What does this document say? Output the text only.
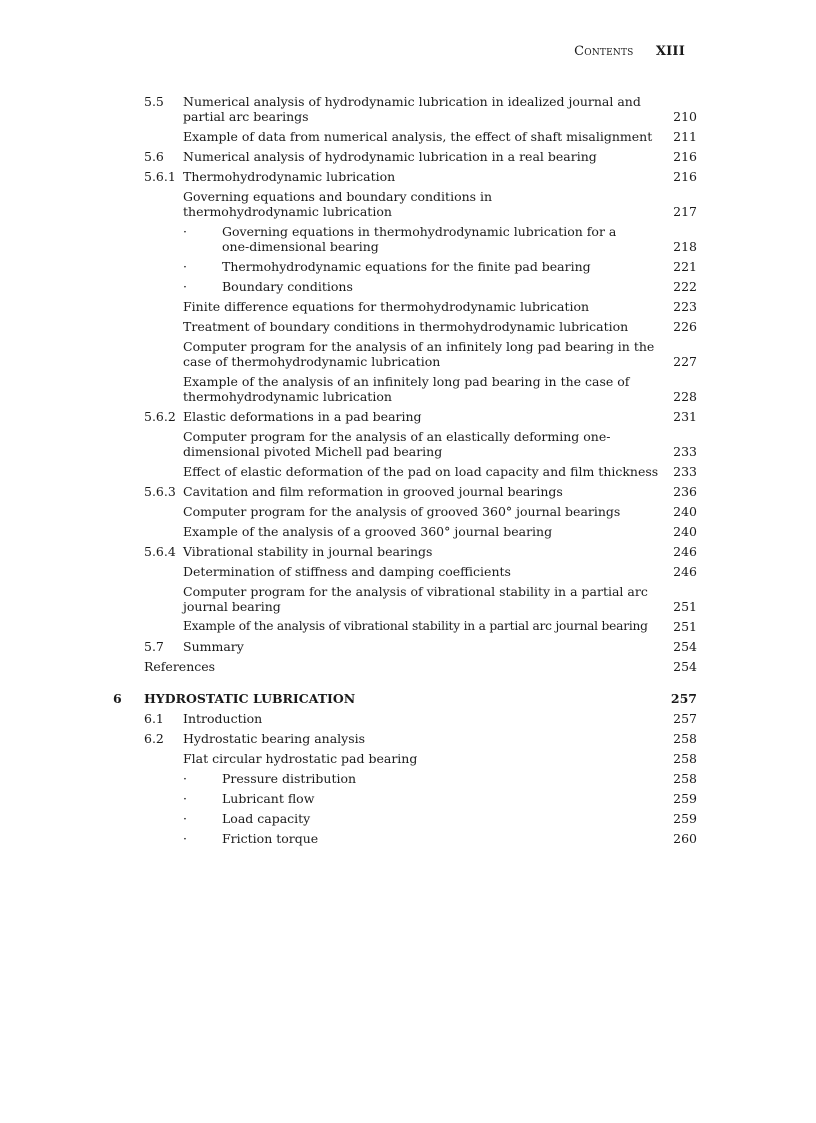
Contents XIII
5.5 Numerical analysis of hydrodynamic lubrication in idealized journal and partial arc bearings	210
Example of data from numerical analysis, the effect of shaft misalignment	211
5.6 Numerical analysis of hydrodynamic lubrication in a real bearing	216
5.6.1 Thermohydrodynamic lubrication	216
Governing equations and boundary conditions in thermohydrodynamic lubrication	217
·	Governing equations in thermohydrodynamic lubrication for a one-dimensional bearing	218
·	Thermohydrodynamic equations for the finite pad bearing	221
·	Boundary conditions	222
Finite difference equations for thermohydrodynamic lubrication	223
Treatment of boundary conditions in thermohydrodynamic lubrication	226
Computer program for the analysis of an infinitely long pad bearing in the case of thermohydrodynamic lubrication	227
Example of the analysis of an infinitely long pad bearing in the case of thermohydrodynamic lubrication	228
5.6.2 Elastic deformations in a pad bearing	231
Computer program for the analysis of an elastically deforming one-dimensional pivoted Michell pad bearing	233
Effect of elastic deformation of the pad on load capacity and film thickness	233
5.6.3 Cavitation and film reformation in grooved journal bearings	236
Computer program for the analysis of grooved 360° journal bearings	240
Example of the analysis of a grooved 360° journal bearing	240
5.6.4 Vibrational stability in journal bearings	246
Determination of stiffness and damping coefficients	246
Computer program for the analysis of vibrational stability in a partial arc journal bearing	251
Example of the analysis of vibrational stability in a partial arc journal bearing	251
5.7 Summary	254
References	254
6 HYDROSTATIC LUBRICATION	257
6.1 Introduction	257
6.2 Hydrostatic bearing analysis	258
Flat circular hydrostatic pad bearing	258
·	Pressure distribution	258
·	Lubricant flow	259
·	Load capacity	259
·	Friction torque	260
